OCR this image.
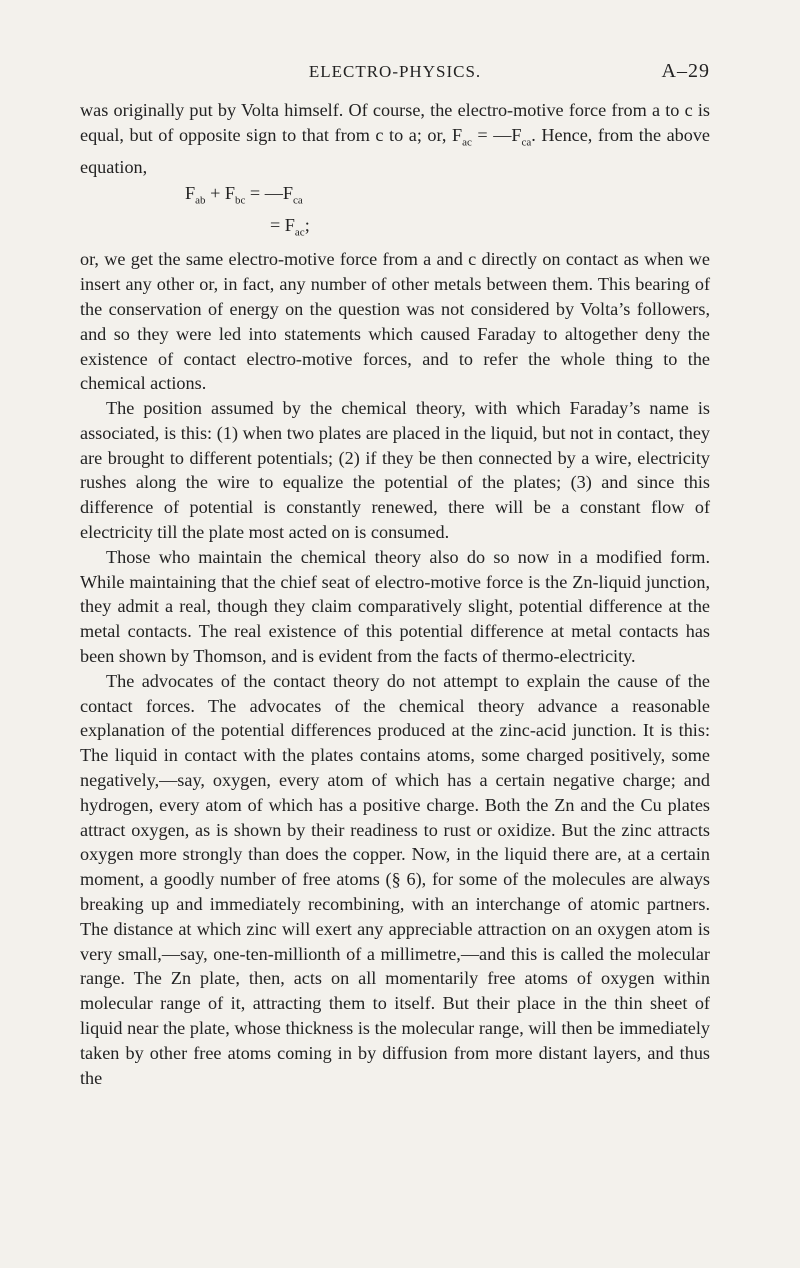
ELECTRO-PHYSICS.	A–29

was originally put by Volta himself. Of course, the electro-motive force from a to c is equal, but of opposite sign to that from c to a; or, $F_{ac}$ = $—F_{ca}$. Hence, from the above equation,

$F_{ab} + F_{bc}$ = $—F_{ca}$
= $F_{ac}$;

or, we get the same electro-motive force from a and c directly on contact as when we insert any other or, in fact, any number of other metals between them. This bearing of the conservation of energy on the question was not considered by Volta’s followers, and so they were led into statements which caused Faraday to altogether deny the existence of contact electro-motive forces, and to refer the whole thing to the chemical actions.

The position assumed by the chemical theory, with which Faraday’s name is associated, is this: (1) when two plates are placed in the liquid, but not in contact, they are brought to different potentials; (2) if they be then connected by a wire, electricity rushes along the wire to equalize the potential of the plates; (3) and since this difference of potential is constantly renewed, there will be a constant flow of electricity till the plate most acted on is consumed.

Those who maintain the chemical theory also do so now in a modified form. While maintaining that the chief seat of electro-motive force is the Zn-liquid junction, they admit a real, though they claim comparatively slight, potential difference at the metal contacts. The real existence of this potential difference at metal contacts has been shown by Thomson, and is evident from the facts of thermo-electricity.

The advocates of the contact theory do not attempt to explain the cause of the contact forces. The advocates of the chemical theory advance a reasonable explanation of the potential differences produced at the zinc-acid junction. It is this: The liquid in contact with the plates contains atoms, some charged positively, some negatively,—say, oxygen, every atom of which has a certain negative charge; and hydrogen, every atom of which has a positive charge. Both the Zn and the Cu plates attract oxygen, as is shown by their readiness to rust or oxidize. But the zinc attracts oxygen more strongly than does the copper. Now, in the liquid there are, at a certain moment, a goodly number of free atoms (§ 6), for some of the molecules are always breaking up and immediately recombining, with an interchange of atomic partners. The distance at which zinc will exert any appreciable attraction on an oxygen atom is very small,—say, one-ten-millionth of a millimetre,—and this is called the molecular range. The Zn plate, then, acts on all momentarily free atoms of oxygen within molecular range of it, attracting them to itself. But their place in the thin sheet of liquid near the plate, whose thickness is the molecular range, will then be immediately taken by other free atoms coming in by diffusion from more distant layers, and thus the
